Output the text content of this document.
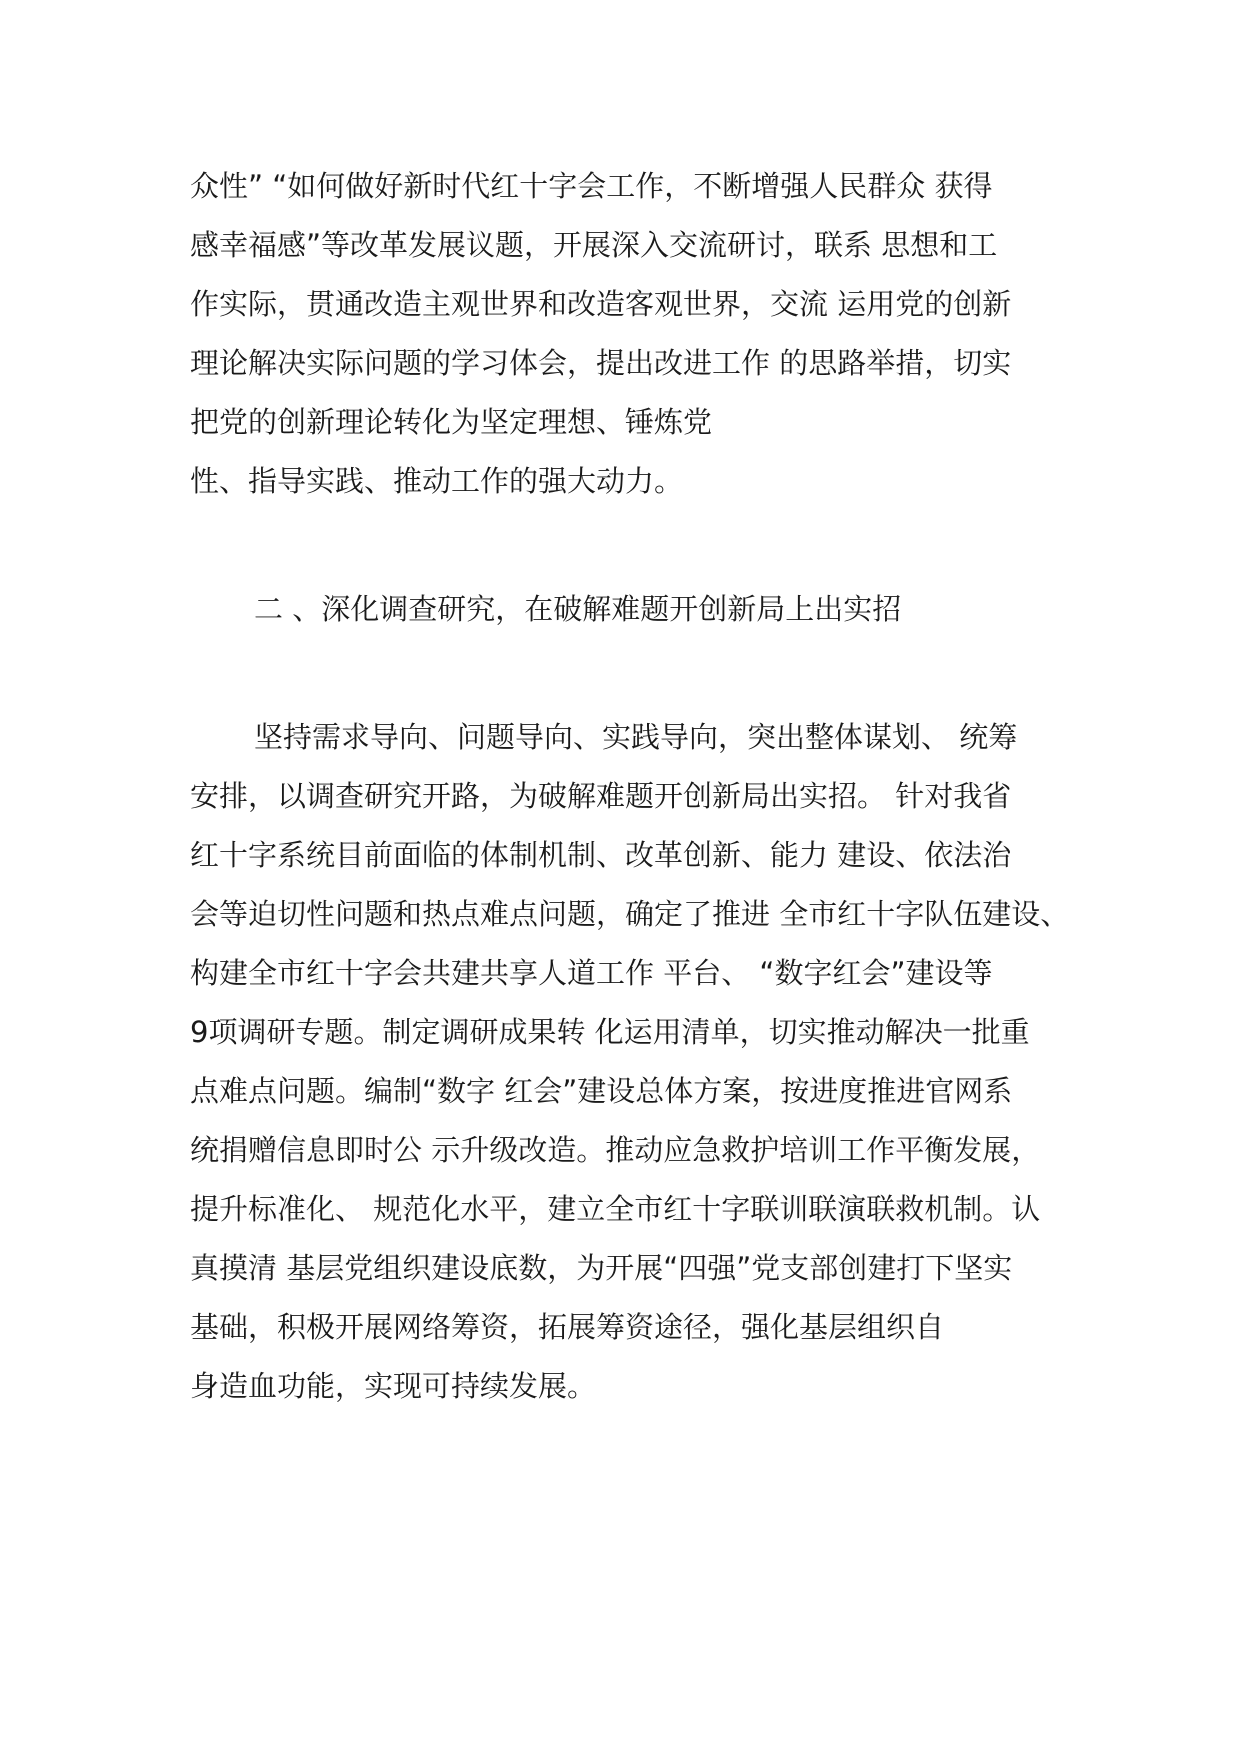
众性” “如何做好新时代红十字会工作，不断增强人民群众 获得
感幸福感”等改革发展议题，开展深入交流研讨，联系 思想和工
作实际，贯通改造主观世界和改造客观世界，交流 运用党的创新
理论解决实际问题的学习体会，提出改进工作 的思路举措，切实
把党的创新理论转化为坚定理想、锤炼党
性、指导实践、推动工作的强大动力。
二 、深化调查研究，在破解难题开创新局上出实招
坚持需求导向、问题导向、实践导向，突出整体谋划、 统筹
安排，以调查研究开路，为破解难题开创新局出实招。 针对我省
红十字系统目前面临的体制机制、改革创新、能力 建设、依法治
会等迫切性问题和热点难点问题，确定了推进 全市红十字队伍建设、
构建全市红十字会共建共享人道工作 平台、 “数字红会”建设等
9项调研专题。制定调研成果转 化运用清单，切实推动解决一批重
点难点问题。编制“数字 红会”建设总体方案，按进度推进官网系
统捐赠信息即时公 示升级改造。推动应急救护培训工作平衡发展，
提升标准化、 规范化水平，建立全市红十字联训联演联救机制。认
真摸清 基层党组织建设底数，为开展“四强”党支部创建打下坚实
基础，积极开展网络筹资，拓展筹资途径，强化基层组织自
身造血功能，实现可持续发展。
